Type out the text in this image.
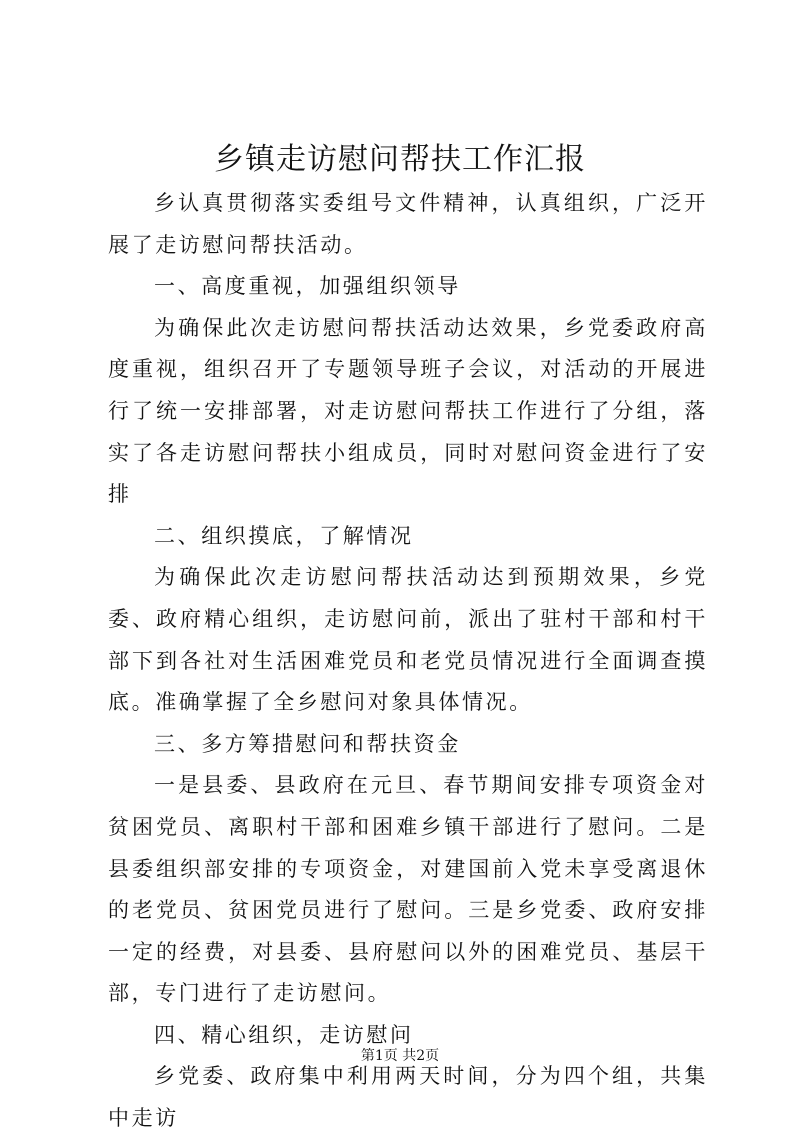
乡镇走访慰问帮扶工作汇报

乡认真贯彻落实委组号文件精神，认真组织，广泛开展了走访慰问帮扶活动。

一、高度重视，加强组织领导

为确保此次走访慰问帮扶活动达效果，乡党委政府高度重视，组织召开了专题领导班子会议，对活动的开展进行了统一安排部署，对走访慰问帮扶工作进行了分组，落实了各走访慰问帮扶小组成员，同时对慰问资金进行了安排

二、组织摸底，了解情况

为确保此次走访慰问帮扶活动达到预期效果，乡党委、政府精心组织，走访慰问前，派出了驻村干部和村干部下到各社对生活困难党员和老党员情况进行全面调查摸底。准确掌握了全乡慰问对象具体情况。

三、多方筹措慰问和帮扶资金

一是县委、县政府在元旦、春节期间安排专项资金对贫困党员、离职村干部和困难乡镇干部进行了慰问。二是县委组织部安排的专项资金，对建国前入党未享受离退休的老党员、贫困党员进行了慰问。三是乡党委、政府安排一定的经费，对县委、县府慰问以外的困难党员、基层干部，专门进行了走访慰问。

四、精心组织，走访慰问

乡党委、政府集中利用两天时间，分为四个组，共集中走访

第1页 共2页
